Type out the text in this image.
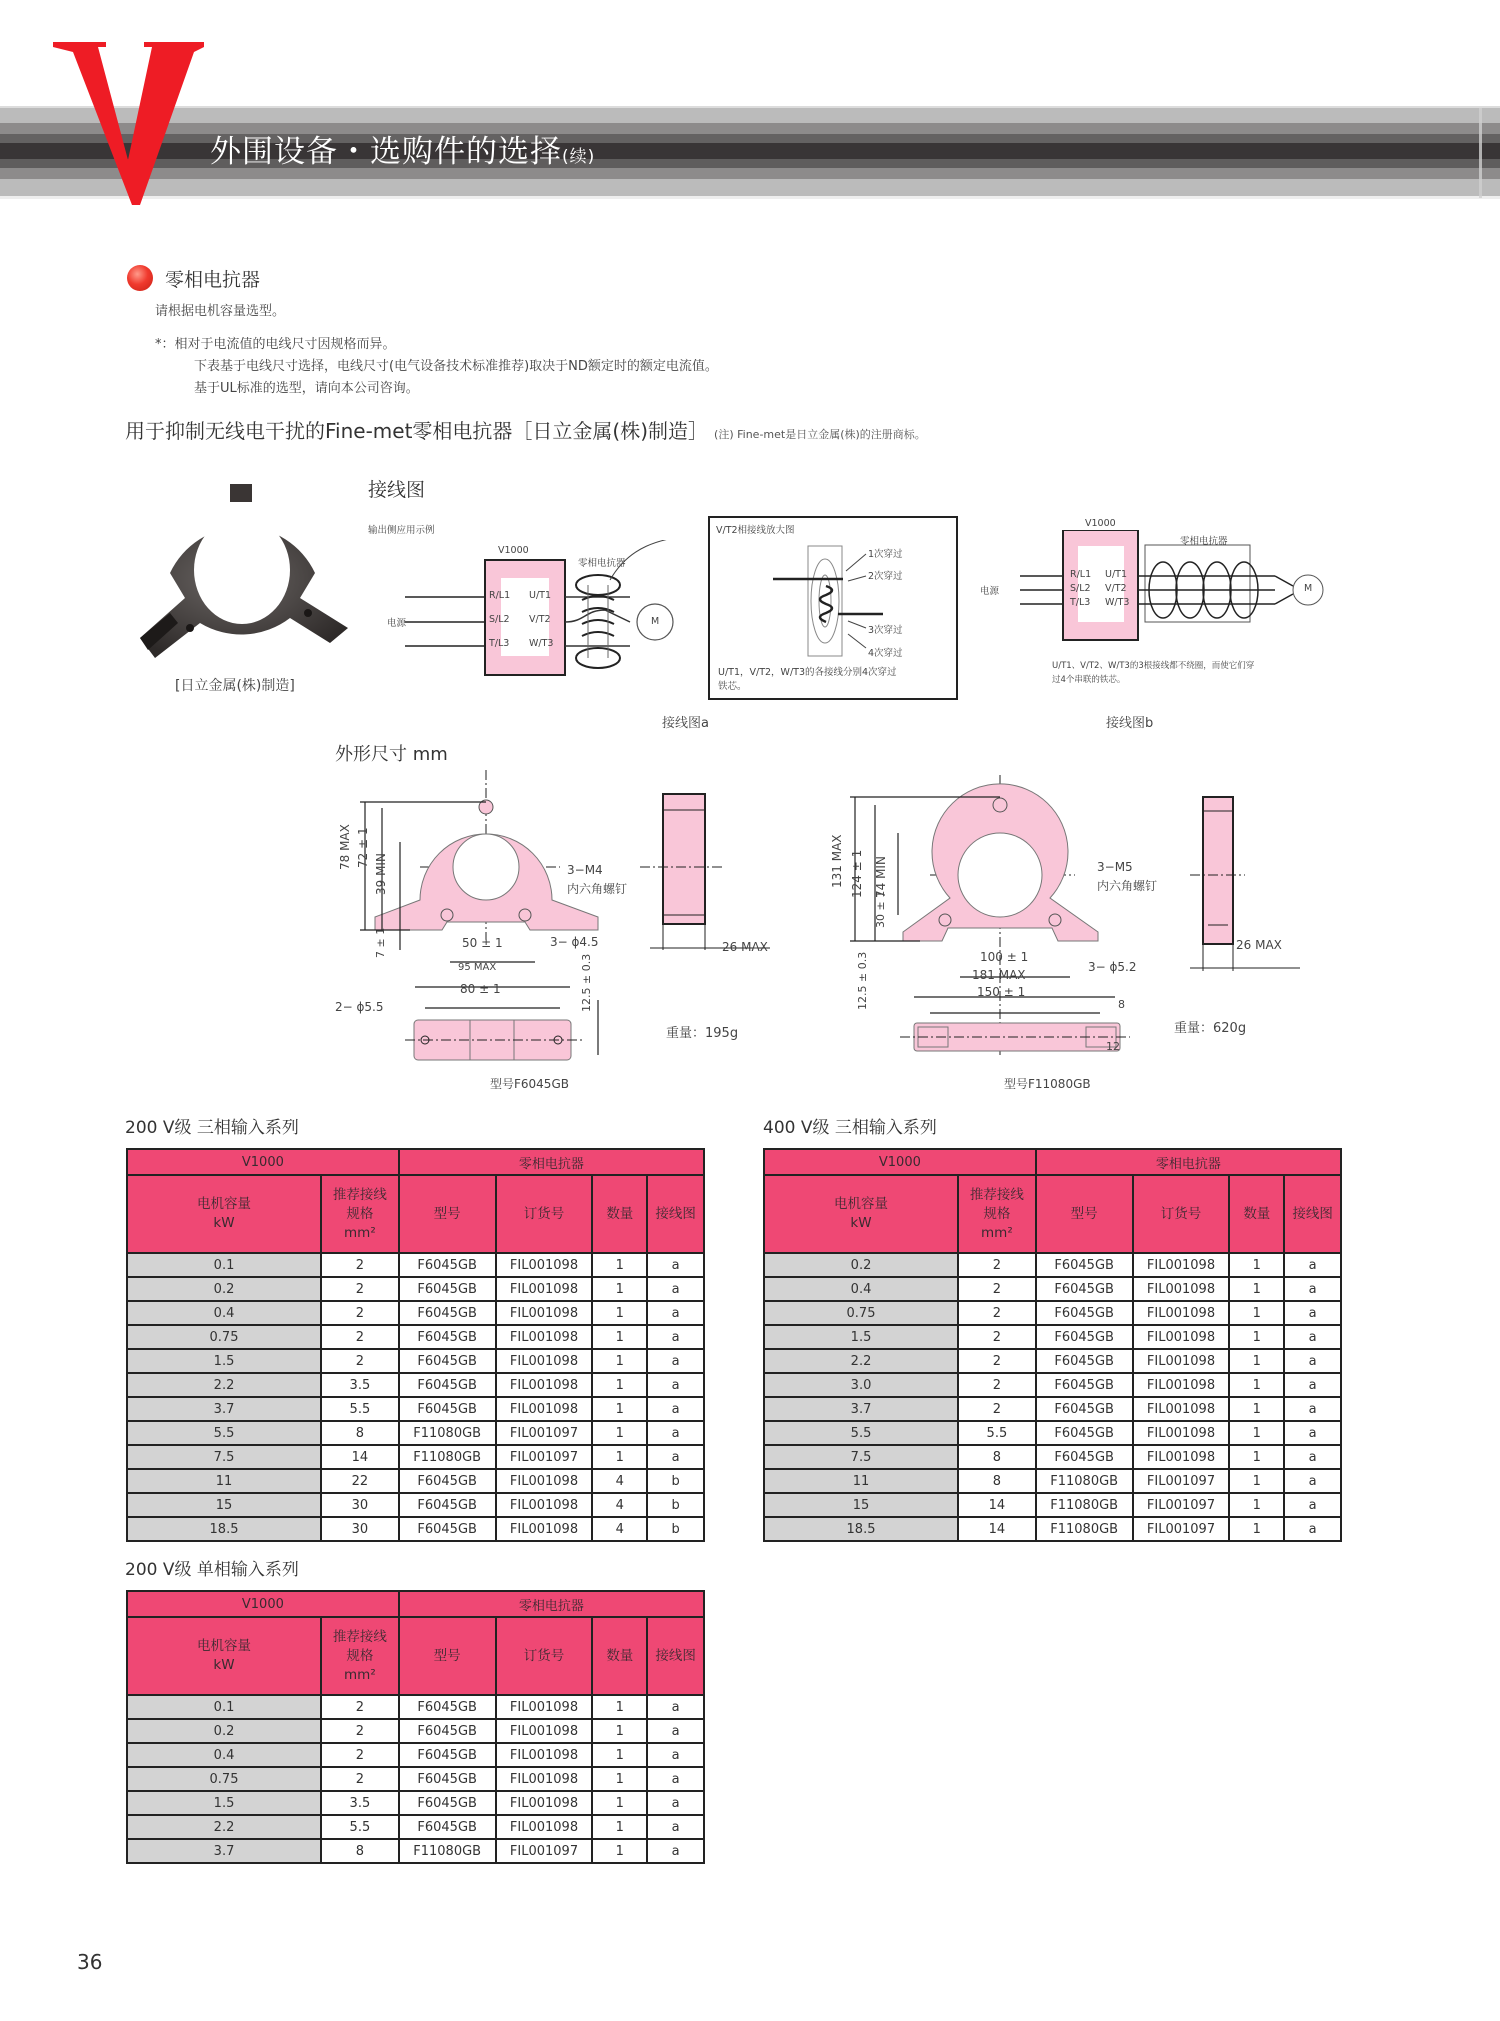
外围设备・选购件的选择(续)
零相电抗器
请根据电机容量选型。
*：相对于电流值的电线尺寸因规格而异。
下表基于电线尺寸选择，电线尺寸(电气设备技术标准推荐)取决于ND额定时的额定电流值。
基于UL标准的选型，请向本公司咨询。
用于抑制无线电干扰的Fine-met零相电抗器［日立金属(株)制造］ (注) Fine-met是日立金属(株)的注册商标。
[日立金属(株)制造]
接线图
输出侧应用示例
V1000
零相电抗器
电源
R/L1
S/L2
T/L3
U/T1
V/T2
W/T3
M
V/T2相接线放大图
1次穿过
2次穿过
3次穿过
4次穿过
U/T1，V/T2，W/T3的各接线分别4次穿过
铁芯。
接线图a
V1000
零相电抗器
电源
R/L1
S/L2
T/L3
U/T1
V/T2
W/T3
M
U/T1、V/T2、W/T3的3根接线都不绕圈，而使它们穿
过4个串联的铁芯。
接线图b
外形尺寸 mm
78 MAX 72 ± 1
39 MIN
7 ± 1
3−M4
内六角螺钉
3− ϕ4.5
50 ± 1
95 MAX
80 ± 1
2− ϕ5.5	12.5 ± 0.3
26 MAX
重量：195g
型号F6045GB
131 MAX 124 ± 1 74 MIN
30 ± 1
3−M5
内六角螺钉
3− ϕ5.2
100 ± 1
181 MAX
150 ± 1
12.5 ± 0.3	8
12
26 MAX
重量：620g
型号F11080GB
200 V级 三相输入系列
V1000		零相电抗器			
电机容量
kW	推荐接线
规格
mm²	型号	订货号	数量	接线图
0.1	2	F6045GB	FIL001098	1	a
0.2	2	F6045GB	FIL001098	1	a
0.4	2	F6045GB	FIL001098	1	a
0.75	2	F6045GB	FIL001098	1	a
1.5	2	F6045GB	FIL001098	1	a
2.2	3.5	F6045GB	FIL001098	1	a
3.7	5.5	F6045GB	FIL001098	1	a
5.5	8	F11080GB	FIL001097	1	a
7.5	14	F11080GB	FIL001097	1	a
11	22	F6045GB	FIL001098	4	b
15	30	F6045GB	FIL001098	4	b
18.5	30	F6045GB	FIL001098	4	b
400 V级 三相输入系列
V1000		零相电抗器			
电机容量
kW	推荐接线
规格
mm²	型号	订货号	数量	接线图
0.2	2	F6045GB	FIL001098	1	a
0.4	2	F6045GB	FIL001098	1	a
0.75	2	F6045GB	FIL001098	1	a
1.5	2	F6045GB	FIL001098	1	a
2.2	2	F6045GB	FIL001098	1	a
3.0	2	F6045GB	FIL001098	1	a
3.7	2	F6045GB	FIL001098	1	a
5.5	5.5	F6045GB	FIL001098	1	a
7.5	8	F6045GB	FIL001098	1	a
11	8	F11080GB	FIL001097	1	a
15	14	F11080GB	FIL001097	1	a
18.5	14	F11080GB	FIL001097	1	a
200 V级 单相输入系列
V1000		零相电抗器			
电机容量
kW	推荐接线
规格
mm²	型号	订货号	数量	接线图
0.1	2	F6045GB	FIL001098	1	a
0.2	2	F6045GB	FIL001098	1	a
0.4	2	F6045GB	FIL001098	1	a
0.75	2	F6045GB	FIL001098	1	a
1.5	3.5	F6045GB	FIL001098	1	a
2.2	5.5	F6045GB	FIL001098	1	a
3.7	8	F11080GB	FIL001097	1	a
36
